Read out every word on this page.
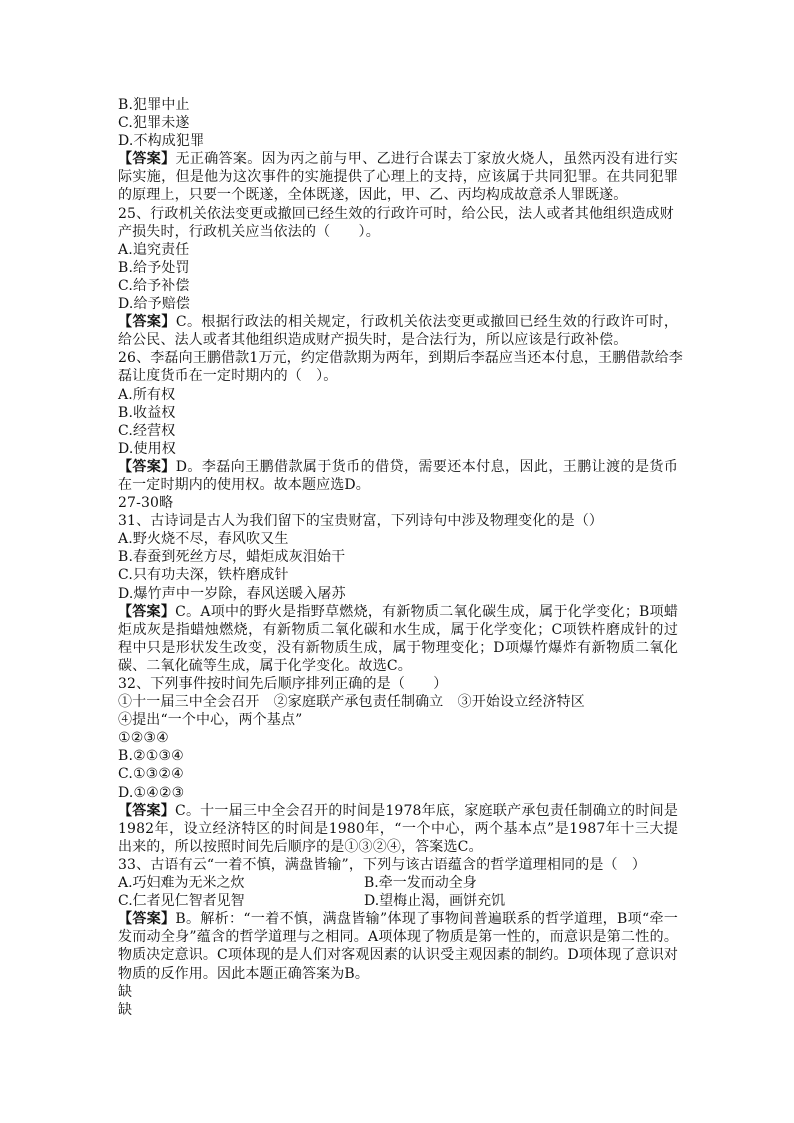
B.犯罪中止
C.犯罪未遂
D.不构成犯罪
【答案】无正确答案。因为丙之前与甲、乙进行合谋去丁家放火烧人，虽然丙没有进行实际实施，但是他为这次事件的实施提供了心理上的支持，应该属于共同犯罪。在共同犯罪的原理上，只要一个既遂，全体既遂，因此，甲、乙、丙均构成故意杀人罪既遂。
25、行政机关依法变更或撤回已经生效的行政许可时，给公民，法人或者其他组织造成财
产损失时，行政机关应当依法的（　　）。
A.追究责任
B.给予处罚
C.给予补偿
D.给予赔偿
【答案】C。根据行政法的相关规定，行政机关依法变更或撤回已经生效的行政许可时，给公民、法人或者其他组织造成财产损失时，是合法行为，所以应该是行政补偿。
26、李磊向王鹏借款1万元，约定借款期为两年，到期后李磊应当还本付息，王鹏借款给李
磊让度货币在一定时期内的（　）。
A.所有权
B.收益权
C.经营权
D.使用权
【答案】D。李磊向王鹏借款属于货币的借贷，需要还本付息，因此，王鹏让渡的是货币在一定时期内的使用权。故本题应选D。
27-30略
31、古诗词是古人为我们留下的宝贵财富，下列诗句中涉及物理变化的是（）
A.野火烧不尽，春风吹又生
B.春蚕到死丝方尽，蜡炬成灰泪始干
C.只有功夫深，铁杵磨成针
D.爆竹声中一岁除，春风送暖入屠苏
【答案】C。A项中的野火是指野草燃烧，有新物质二氧化碳生成，属于化学变化；B项蜡炬成灰是指蜡烛燃烧，有新物质二氧化碳和水生成，属于化学变化；C项铁杵磨成针的过程中只是形状发生改变，没有新物质生成，属于物理变化；D项爆竹爆炸有新物质二氧化碳、二氧化硫等生成，属于化学变化。故选C。
32、下列事件按时间先后顺序排列正确的是（　　）
①十一届三中全会召开　②家庭联产承包责任制确立　③开始设立经济特区
④提出“一个中心，两个基点”
①②③④
B.②①③④
C.①③②④
D.①④②③
【答案】C。十一届三中全会召开的时间是1978年底，家庭联产承包责任制确立的时间是1982年，设立经济特区的时间是1980年，“一个中心，两个基本点”是1987年十三大提出来的，所以按照时间先后顺序的是①③②④，答案选C。
33、古语有云“一着不慎，满盘皆输”，下列与该古语蕴含的哲学道理相同的是（　）
A.巧妇难为无米之炊	B.牵一发而动全身
C.仁者见仁智者见智	D.望梅止渴，画饼充饥
【答案】B。解析：“一着不慎，满盘皆输”体现了事物间普遍联系的哲学道理，B项“牵一发而动全身”蕴含的哲学道理与之相同。A项体现了物质是第一性的，而意识是第二性的。物质决定意识。C项体现的是人们对客观因素的认识受主观因素的制约。D项体现了意识对物质的反作用。因此本题正确答案为B。
缺
缺
